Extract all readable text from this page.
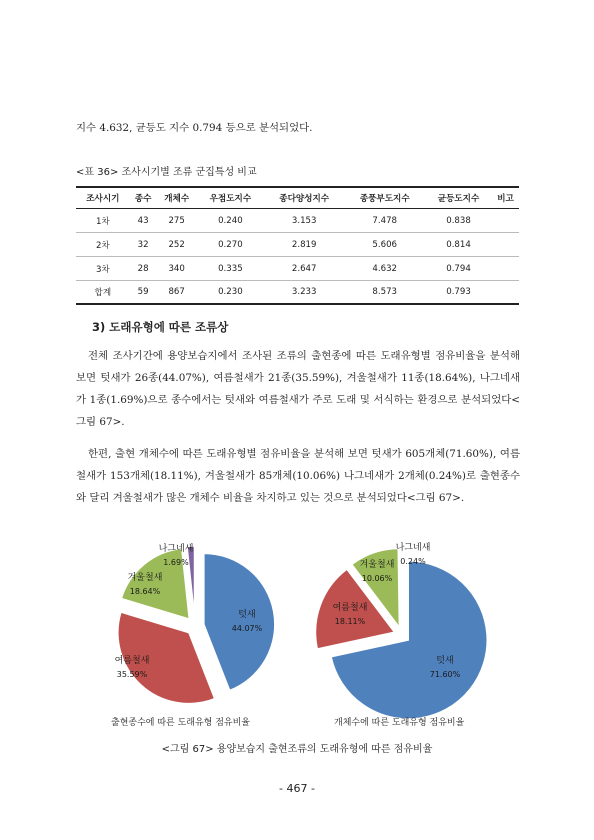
지수 4.632, 균등도 지수 0.794 등으로 분석되었다.

<표 36> 조사시기별 조류 군집특성 비교
조사시기	종수	개체수	우점도지수	종다양성지수	종풍부도지수	균등도지수	비고
1차	43	275	0.240	3.153	7.478	0.838	
2차	32	252	0.270	2.819	5.606	0.814	
3차	28	340	0.335	2.647	4.632	0.794	
합계	59	867	0.230	3.233	8.573	0.793	
3) 도래유형에 따른 조류상

전체 조사기간에 용양보습지에서 조사된 조류의 출현종에 따른 도래유형별 점유비율을 분석해 보면 텃새가 26종(44.07%), 여름철새가 21종(35.59%), 겨울철새가 11종(18.64%), 나그네새가 1종(1.69%)으로 종수에서는 텃새와 여름철새가 주로 도래 및 서식하는 환경으로 분석되었다<그림 67>.

한편, 출현 개체수에 따른 도래유형별 점유비율을 분석해 보면 텃새가 605개체(71.60%), 여름철새가 153개체(18.11%), 겨울철새가 85개체(10.06%) 나그네새가 2개체(0.24%)로 출현종수와 달리 겨울철새가 많은 개체수 비율을 차지하고 있는 것으로 분석되었다<그림 67>.

출현종수에 따른 도래유형 점유비율	개체수에 따른 도래유형 점유비율
<그림 67> 용양보습지 출현조류의 도래유형에 따른 점유비율
- 467 -
텃새
44.07%
여름철새
35.59%
겨울철새
18.64%
나그네새
1.69%
텃새
71.60%
여름철새
18.11%
겨울철새
10.06%
나그네새
0.24%
